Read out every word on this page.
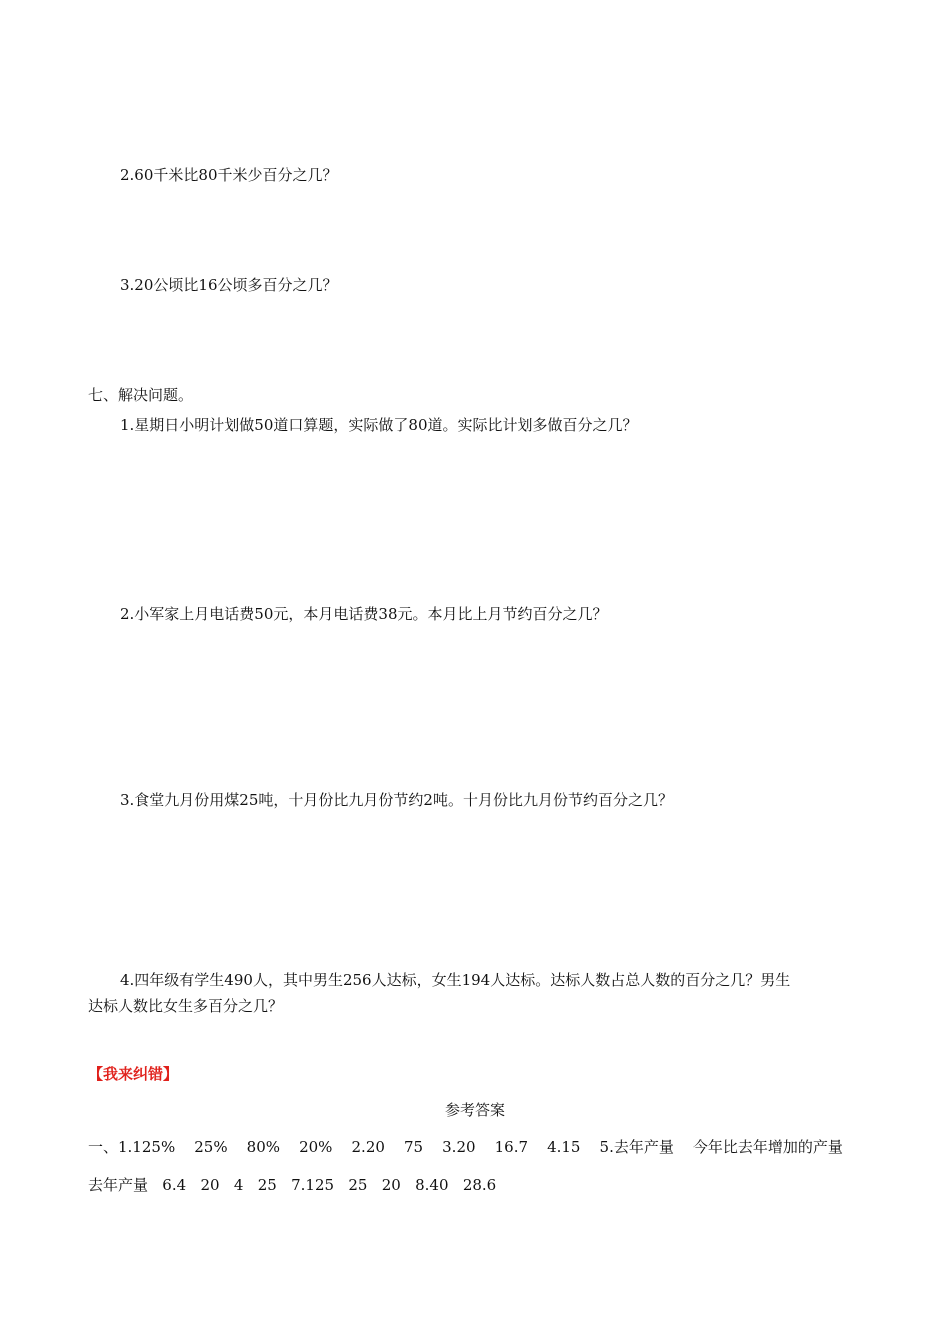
2.60千米比80千米少百分之几？
3.20公顷比16公顷多百分之几？
七、解决问题。
1.星期日小明计划做50道口算题，实际做了80道。实际比计划多做百分之几？
2.小军家上月电话费50元，本月电话费38元。本月比上月节约百分之几？
3.食堂九月份用煤25吨，十月份比九月份节约2吨。十月份比九月份节约百分之几？
4.四年级有学生490人，其中男生256人达标，女生194人达标。达标人数占总人数的百分之几？男生
达标人数比女生多百分之几？
【我来纠错】
参考答案
一、1.125%    25%    80%    20%    2.20    75    3.20    16.7    4.15    5.去年产量    今年比去年增加的产量
去年产量   6.4   20   4   25   7.125   25   20   8.40   28.6
